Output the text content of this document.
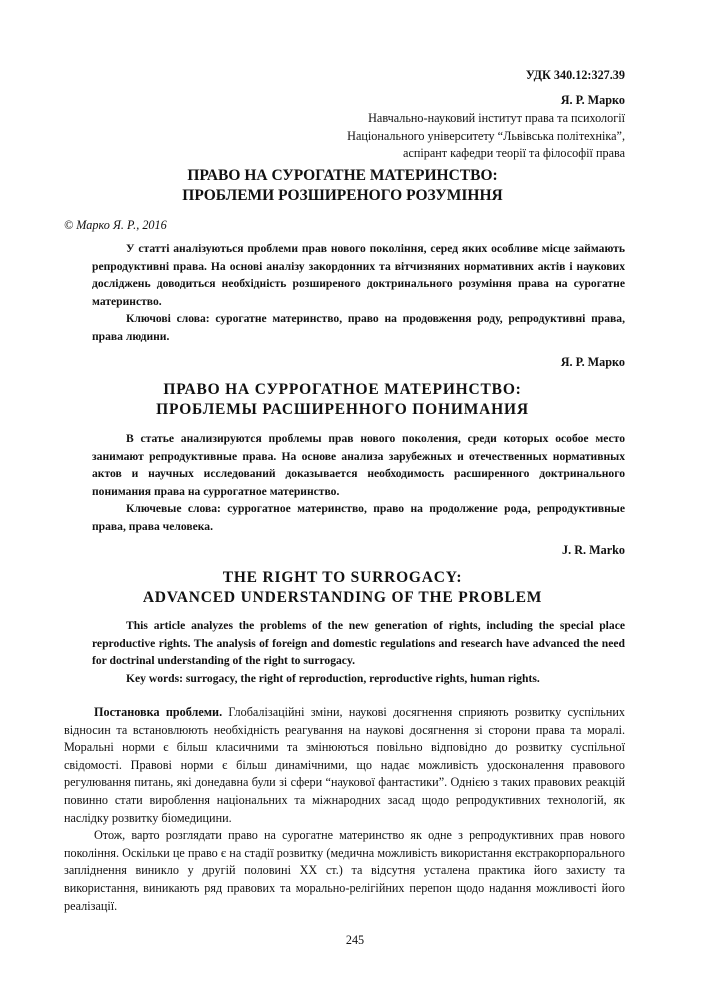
УДК 340.12:327.39
Я. Р. Марко
Навчально-науковий інститут права та психології
Національного університету “Львівська політехніка”,
аспірант кафедри теорії та філософії права
ПРАВО НА СУРОГАТНЕ МАТЕРИНСТВО:
ПРОБЛЕМИ РОЗШИРЕНОГО РОЗУМІННЯ
© Марко Я. Р., 2016

У статті аналізуються проблеми прав нового покоління, серед яких особливе місце займають репродуктивні права. На основі аналізу закордонних та вітчизняних нормативних актів і наукових досліджень доводиться необхідність розширеного доктринального розуміння права на сурогатне материнство.

Ключові слова: сурогатне материнство, право на продовження роду, репродуктивні права, права людини.

Я. Р. Марко
ПРАВО НА СУРРОГАТНОЕ МАТЕРИНСТВО:
ПРОБЛЕМЫ РАСШИРЕННОГО ПОНИМАНИЯ

В статье анализируются проблемы прав нового поколения, среди которых особое место занимают репродуктивные права. На основе анализа зарубежных и отечественных нормативных актов и научных исследований доказывается необходимость расширенного доктринального понимания права на суррогатное материнство.

Ключевые слова: суррогатное материнство, право на продолжение рода, репродуктивные права, права человека.

J. R. Marko
THE RIGHT TO SURROGACY:
ADVANCED UNDERSTANDING OF THE PROBLEM

This article analyzes the problems of the new generation of rights, including the special place reproductive rights. The analysis of foreign and domestic regulations and research have advanced the need for doctrinal understanding of the right to surrogacy.

Key words: surrogacy, the right of reproduction, reproductive rights, human rights.

Постановка проблеми. Глобалізаційні зміни, наукові досягнення сприяють розвитку суспільних відносин та встановлюють необхідність реагування на наукові досягнення зі сторони права та моралі. Моральні норми є більш класичними та змінюються повільно відповідно до розвитку суспільної свідомості. Правові норми є більш динамічними, що надає можливість удосконалення правового регулювання питань, які донедавна були зі сфери “наукової фантастики”. Однією з таких правових реакцій повинно стати вироблення національних та міжнародних засад щодо репродуктивних технологій, як наслідку розвитку біомедицини.

Отож, варто розглядати право на сурогатне материнство як одне з репродуктивних прав нового покоління. Оскільки це право є на стадії розвитку (медична можливість використання екстракорпорального запліднення виникло у другій половині XX ст.) та відсутня усталена практика його захисту та використання, виникають ряд правових та морально-релігійних перепон щодо надання можливості його реалізації.

245
